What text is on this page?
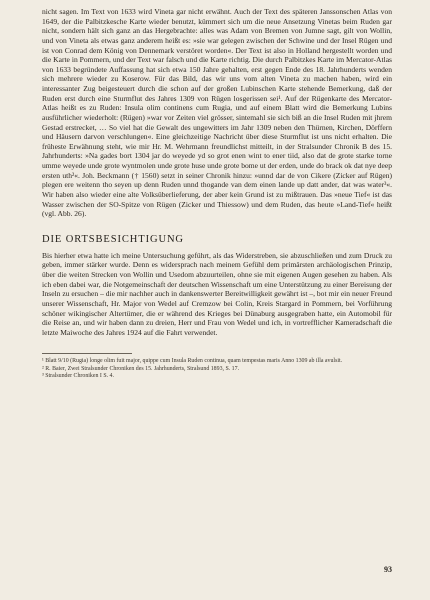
nicht sagen. Im Text von 1633 wird Vineta gar nicht erwähnt. Auch der Text des späteren Janssonschen Atlas von 1649, der die Palbitzkesche Karte wieder benutzt, kümmert sich um die neue Ansetzung Vinetas beim Ruden gar nicht, sondern hält sich ganz an das Hergebrachte: alles was Adam von Bremen von Jumne sagt, gilt von Wollin, und von Vineta als etwas ganz anderem heißt es: »sie war gelegen zwischen der Schwine und der Insel Rügen und ist von Conrad dem König von Dennemark verstöret worden«. Der Text ist also in Holland hergestellt worden und die Karte in Pommern, und der Text war falsch und die Karte richtig. Die durch Palbitzkes Karte im Mercator-Atlas von 1633 begründete Auffassung hat sich etwa 150 Jahre gehalten, erst gegen Ende des 18. Jahrhunderts wenden sich mehrere wieder zu Koserow. Für das Bild, das wir uns vom alten Vineta zu machen haben, wird ein interessanter Zug beigesteuert durch die schon auf der großen Lubinschen Karte stehende Bemerkung, daß der Ruden erst durch eine Sturmflut des Jahres 1309 von Rügen losgerissen sei¹. Auf der Rügenkarte des Mercator-Atlas heißt es zu Ruden: Insula olim continens cum Rugia, und auf einem Blatt wird die Bemerkung Lubins ausführlicher wiederholt: (Rügen) »war vor Zeiten viel grösser, sintemahl sie sich biß an die Insel Ruden mit jhrem Gestad erstrecket, … So viel hat die Gewalt des ungewitters im Jahr 1309 neben den Thürnen, Kirchen, Dörffern und Häusern darvon verschlungen«. Eine gleichzeitige Nachricht über diese Sturmflut ist uns nicht erhalten. Die früheste Erwähnung steht, wie mir Hr. M. Wehrmann freundlichst mitteilt, in der Stralsunder Chronik B des 15. Jahrhunderts: »Na gades bort 1304 jar do weyede yd so grot enen wint to ener tiid, also dat de grote starke torne umme weyede unde grote wyntmolen unde grote huse unde grote bome ut der erden, unde do brack ok dat nye deep ersten uth²«. Joh. Beckmann († 1560) setzt in seiner Chronik hinzu: »unnd dar de von Cikere (Zicker auf Rügen) plegen ere weitenn tho seyen up denn Ruden unnd thogande van dem einen lande up datt ander, dat was water³«. Wir haben also wieder eine alte Volksüberlieferung, der aber kein Grund ist zu mißtrauen. Das »neue Tief« ist das Wasser zwischen der SO-Spitze von Rügen (Zicker und Thiessow) und dem Ruden, das heute »Land-Tief« heißt (vgl. Abb. 26).

DIE ORTSBESICHTIGUNG

Bis hierher etwa hatte ich meine Untersuchung geführt, als das Widerstreben, sie abzuschließen und zum Druck zu geben, immer stärker wurde. Denn es widersprach nach meinem Gefühl dem primärsten archäologischen Prinzip, über die weiten Strecken von Wollin und Usedom abzuurteilen, ohne sie mit eigenen Augen gesehen zu haben. Als ich eben dabei war, die Notgemeinschaft der deutschen Wissenschaft um eine Unterstützung zu einer Bereisung der Inseln zu ersuchen – die mir nachher auch in dankenswerter Bereitwilligkeit gewährt ist –, bot mir ein neuer Freund unserer Wissenschaft, Hr. Major von Wedel auf Cremzow bei Colin, Kreis Stargard in Pommern, bei Vorführung schöner wikingischer Altertümer, die er während des Krieges bei Dünaburg ausgegraben hatte, ein Automobil für die Reise an, und wir haben dann zu dreien, Herr und Frau von Wedel und ich, in vortrefflicher Kameradschaft die letzte Maiwoche des Jahres 1924 auf die Fahrt verwendet.

¹ Blatt 9/10 (Rugia) longe olim fuit major, quippe cum Insula Ruden continua, quam tempestas maris Anno 1309 ab illa avulsit.

² R. Baier, Zwei Stralsunder Chroniken des 15. Jahrhunderts, Stralsund 1893, S. 17.

³ Stralsunder Chroniken I S. 4.

93
